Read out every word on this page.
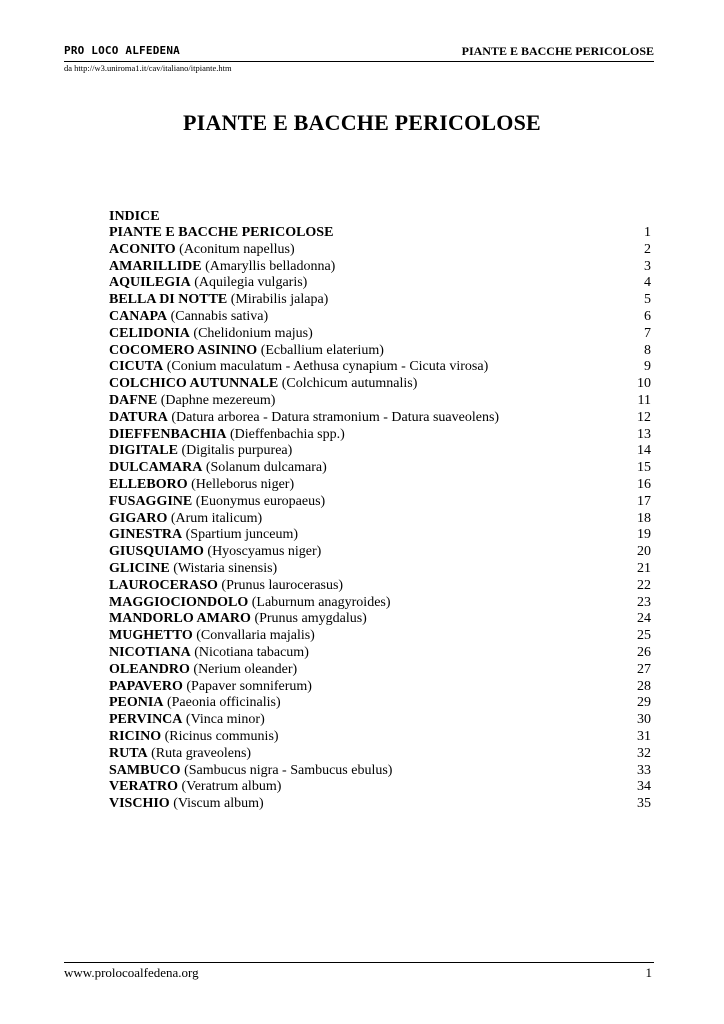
PRO LOCO ALFEDENA	PIANTE E BACCHE PERICOLOSE
da http://w3.uniroma1.it/cav/italiano/itpiante.htm
PIANTE E BACCHE PERICOLOSE
INDICE
PIANTE E BACCHE PERICOLOSE	1
ACONITO (Aconitum napellus)	2
AMARILLIDE (Amaryllis belladonna)	3
AQUILEGIA (Aquilegia vulgaris)	4
BELLA DI NOTTE (Mirabilis jalapa)	5
CANAPA (Cannabis sativa)	6
CELIDONIA (Chelidonium majus)	7
COCOMERO ASININO (Ecballium elaterium)	8
CICUTA (Conium maculatum - Aethusa cynapium - Cicuta virosa)	9
COLCHICO AUTUNNALE (Colchicum autumnalis)	10
DAFNE (Daphne mezereum)	11
DATURA (Datura arborea - Datura stramonium - Datura suaveolens)	12
DIEFFENBACHIA (Dieffenbachia spp.)	13
DIGITALE (Digitalis purpurea)	14
DULCAMARA (Solanum dulcamara)	15
ELLEBORO (Helleborus niger)	16
FUSAGGINE (Euonymus europaeus)	17
GIGARO (Arum italicum)	18
GINESTRA (Spartium junceum)	19
GIUSQUIAMO (Hyoscyamus niger)	20
GLICINE (Wistaria sinensis)	21
LAUROCERASO (Prunus laurocerasus)	22
MAGGIOCIONDOLO (Laburnum anagyroides)	23
MANDORLO AMARO (Prunus amygdalus)	24
MUGHETTO (Convallaria majalis)	25
NICOTIANA (Nicotiana tabacum)	26
OLEANDRO (Nerium oleander)	27
PAPAVERO (Papaver somniferum)	28
PEONIA (Paeonia officinalis)	29
PERVINCA (Vinca minor)	30
RICINO (Ricinus communis)	31
RUTA (Ruta graveolens)	32
SAMBUCO (Sambucus nigra - Sambucus ebulus)	33
VERATRO (Veratrum album)	34
VISCHIO (Viscum album)	35
www.prolocoalfedena.org	1
